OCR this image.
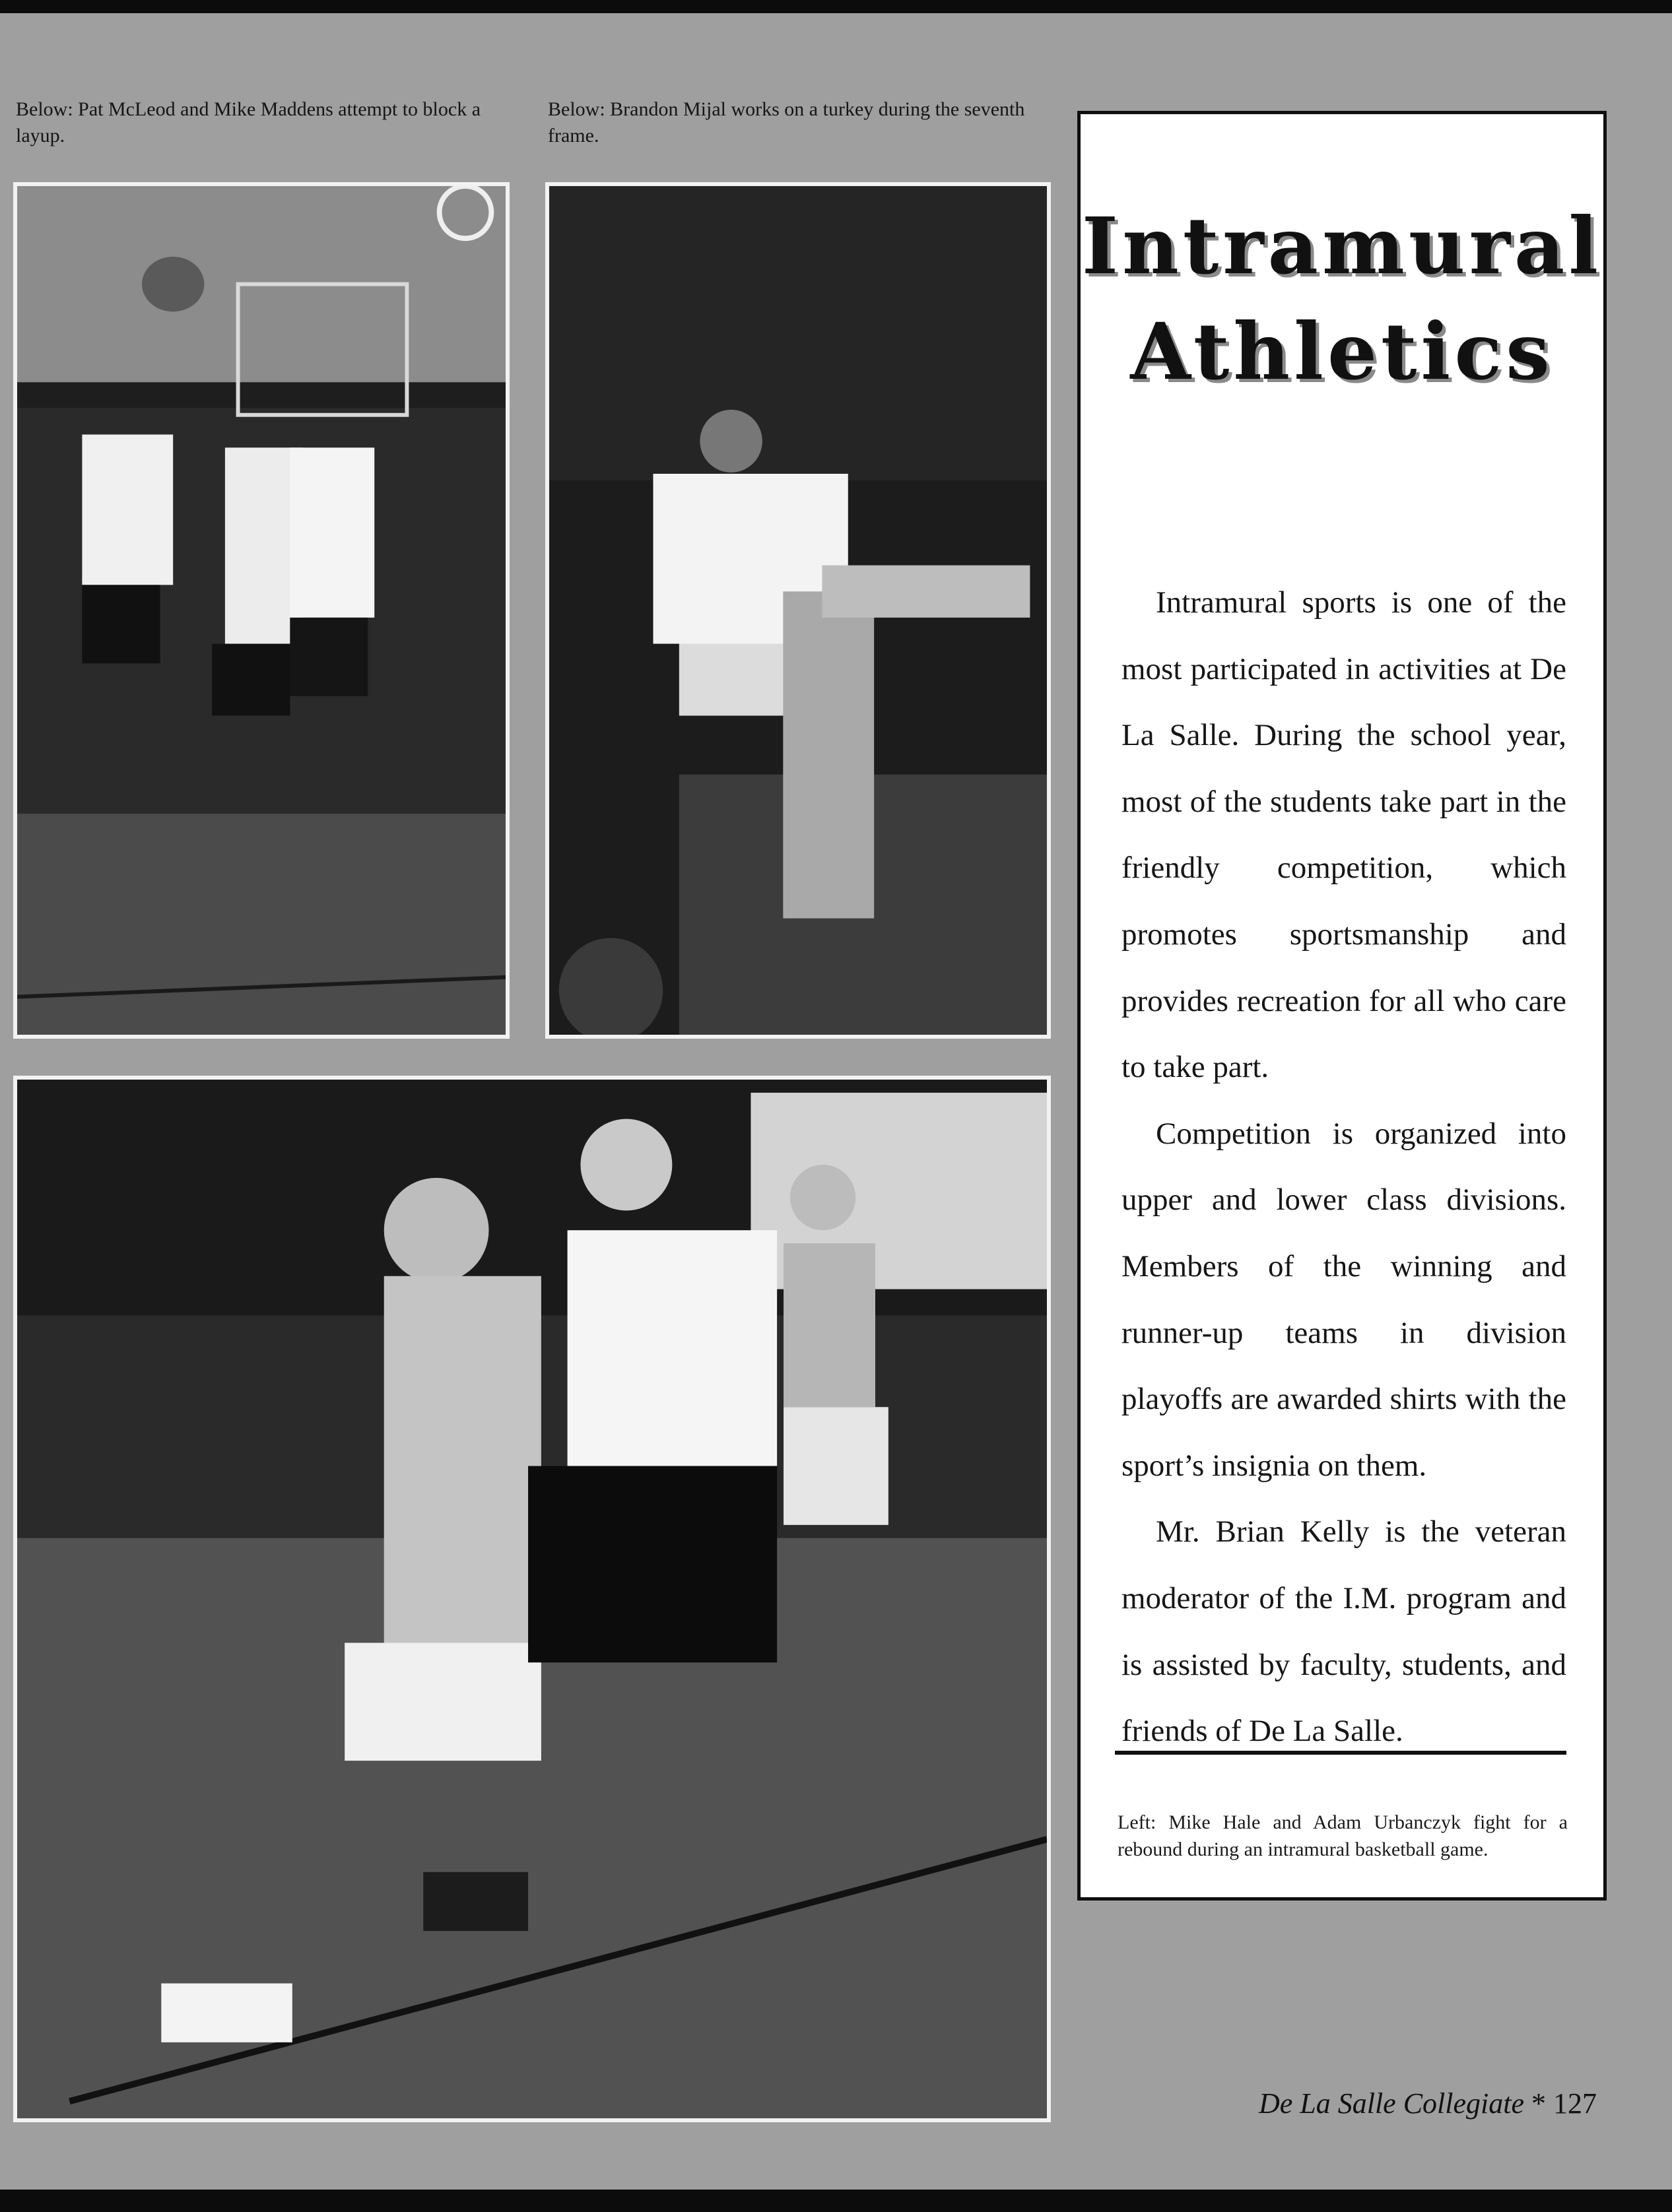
Below: Pat McLeod and Mike Maddens attempt to block a layup.
Below: Brandon Mijal works on a turkey during the seventh frame.
Intramural
Athletics

Intramural sports is one of the most participated in activities at De La Salle. During the school year, most of the students take part in the friendly competition, which promotes sportsmanship and provides recreation for all who care to take part.

Competition is organized into upper and lower class divisions. Members of the winning and runner-up teams in division playoffs are awarded shirts with the sport’s insignia on them.

Mr. Brian Kelly is the veteran moderator of the I.M. program and is assisted by faculty, students, and friends of De La Salle.

Left: Mike Hale and Adam Urbanczyk fight for a rebound during an intramural basketball game.
De La Salle Collegiate * 127
